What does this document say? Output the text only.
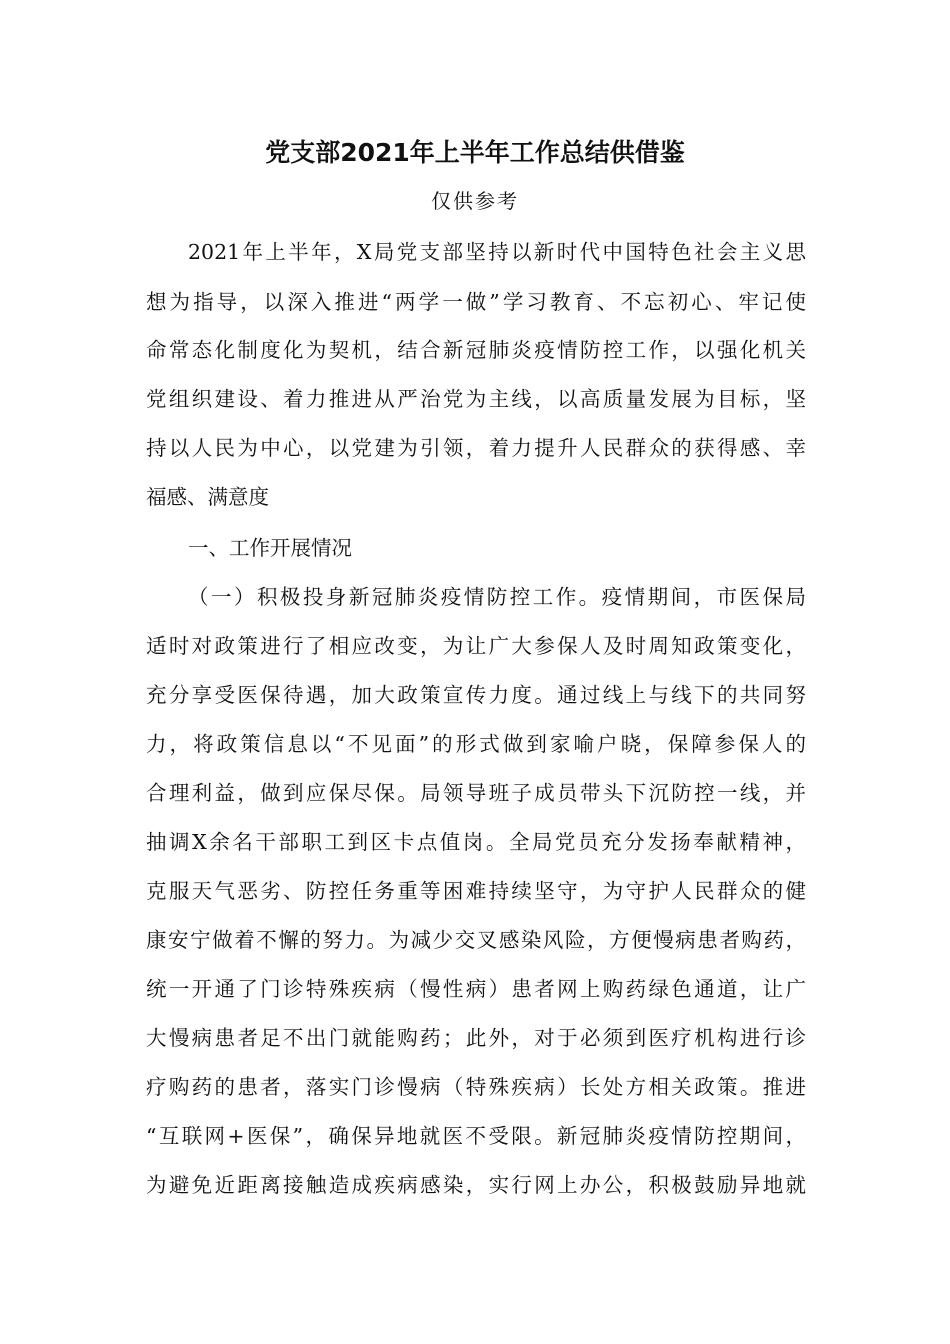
党支部2021年上半年工作总结供借鉴
仅供参考
2021年上半年，X局党支部坚持以新时代中国特色社会主义思
想为指导，以深入推进“两学一做”学习教育、不忘初心、牢记使
命常态化制度化为契机，结合新冠肺炎疫情防控工作，以强化机关
党组织建设、着力推进从严治党为主线，以高质量发展为目标，坚
持以人民为中心，以党建为引领，着力提升人民群众的获得感、幸
福感、满意度
一、工作开展情况
（一）积极投身新冠肺炎疫情防控工作。疫情期间，市医保局
适时对政策进行了相应改变，为让广大参保人及时周知政策变化，
充分享受医保待遇，加大政策宣传力度。通过线上与线下的共同努
力，将政策信息以“不见面”的形式做到家喻户晓，保障参保人的
合理利益，做到应保尽保。局领导班子成员带头下沉防控一线，并
抽调X余名干部职工到区卡点值岗。全局党员充分发扬奉献精神，
克服天气恶劣、防控任务重等困难持续坚守，为守护人民群众的健
康安宁做着不懈的努力。为减少交叉感染风险，方便慢病患者购药，
统一开通了门诊特殊疾病（慢性病）患者网上购药绿色通道，让广
大慢病患者足不出门就能购药；此外，对于必须到医疗机构进行诊
疗购药的患者，落实门诊慢病（特殊疾病）长处方相关政策。推进
“互联网+医保”，确保异地就医不受限。新冠肺炎疫情防控期间，
为避免近距离接触造成疾病感染，实行网上办公，积极鼓励异地就
